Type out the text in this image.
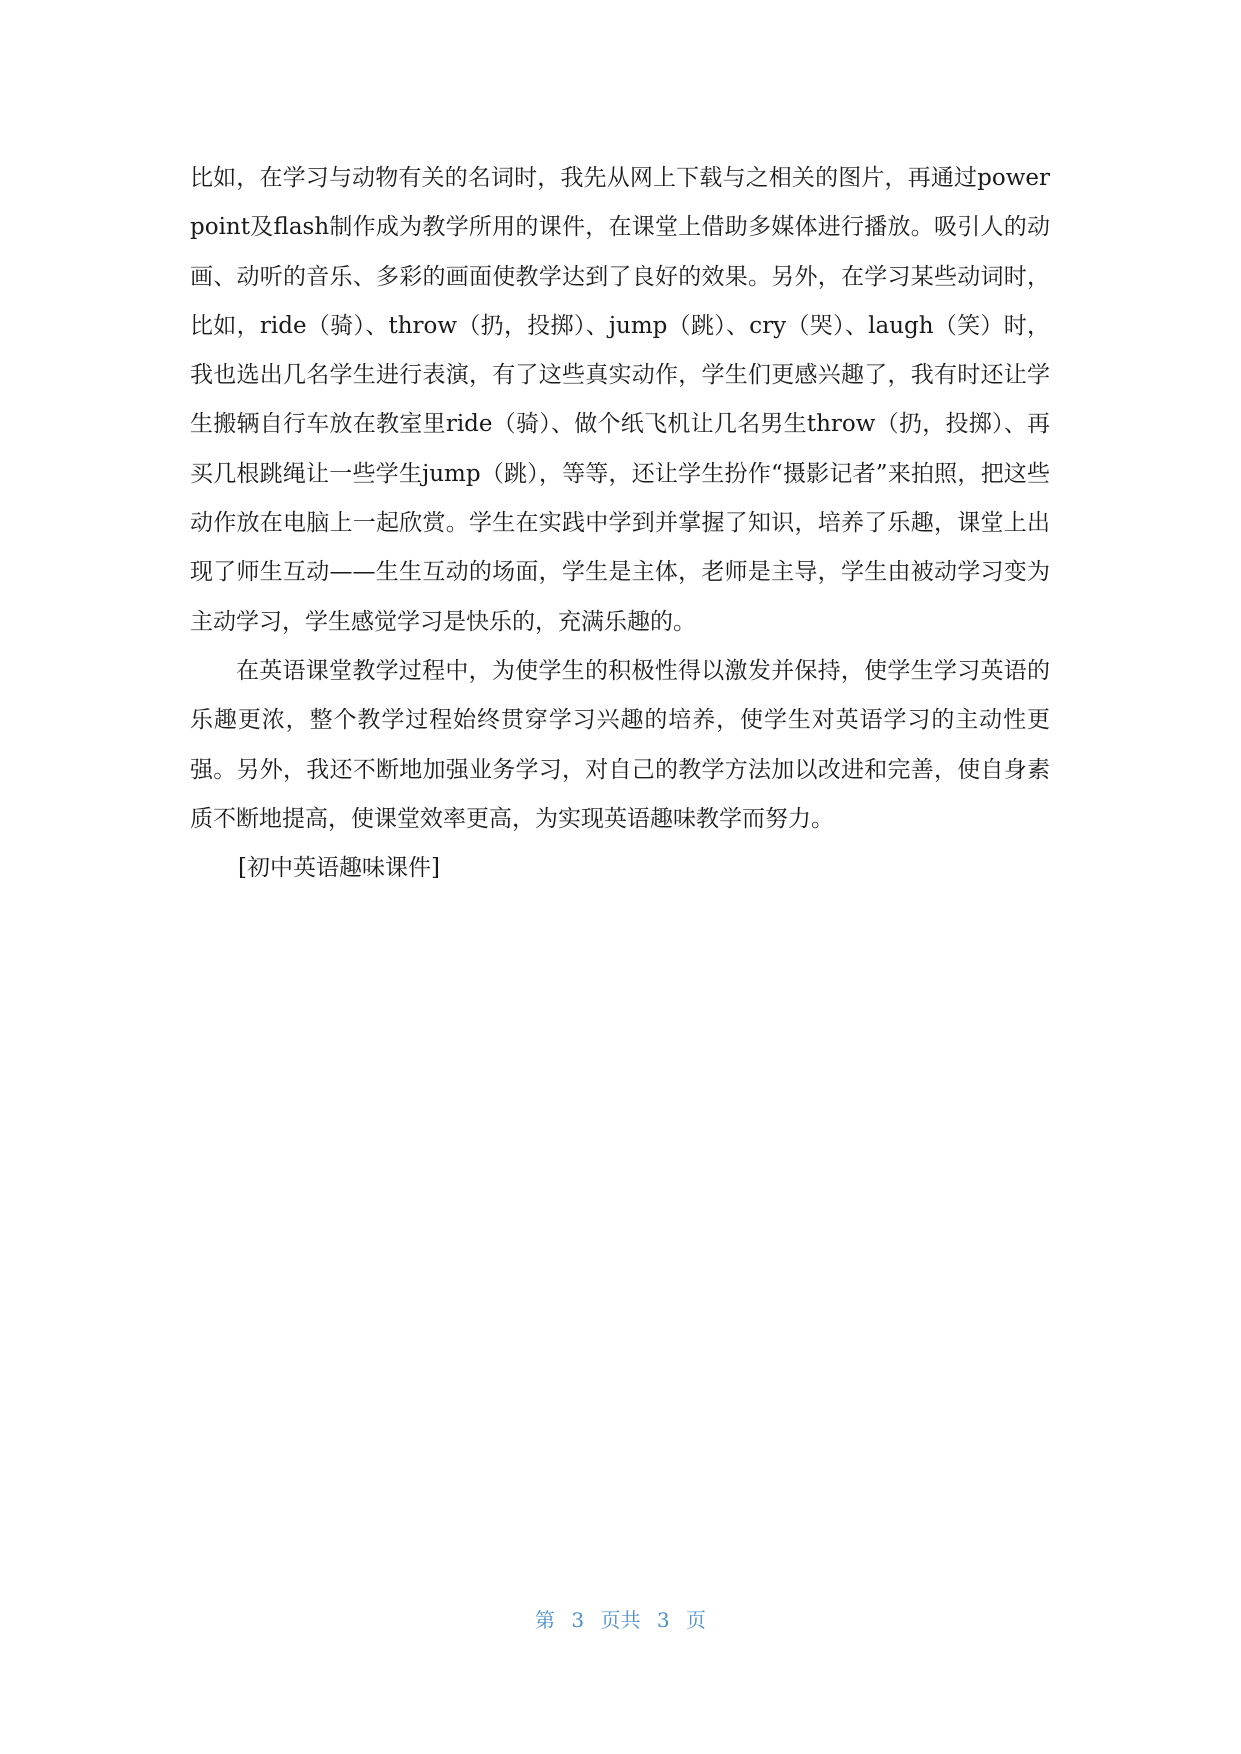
比如，在学习与动物有关的名词时，我先从网上下载与之相关的图片，再通过power point及flash制作成为教学所用的课件，在课堂上借助多媒体进行播放。吸引人的动画、动听的音乐、多彩的画面使教学达到了良好的效果。另外，在学习某些动词时，比如，ride（骑）、throw（扔，投掷）、jump（跳）、cry（哭）、laugh（笑）时，我也选出几名学生进行表演，有了这些真实动作，学生们更感兴趣了，我有时还让学生搬辆自行车放在教室里ride（骑）、做个纸飞机让几名男生throw（扔，投掷）、再买几根跳绳让一些学生jump（跳），等等，还让学生扮作“摄影记者”来拍照，把这些动作放在电脑上一起欣赏。学生在实践中学到并掌握了知识，培养了乐趣，课堂上出现了师生互动——生生互动的场面，学生是主体，老师是主导，学生由被动学习变为主动学习，学生感觉学习是快乐的，充满乐趣的。

在英语课堂教学过程中，为使学生的积极性得以激发并保持，使学生学习英语的乐趣更浓，整个教学过程始终贯穿学习兴趣的培养，使学生对英语学习的主动性更强。另外，我还不断地加强业务学习，对自己的教学方法加以改进和完善，使自身素质不断地提高，使课堂效率更高，为实现英语趣味教学而努力。

[初中英语趣味课件]

第 3 页共 3 页
